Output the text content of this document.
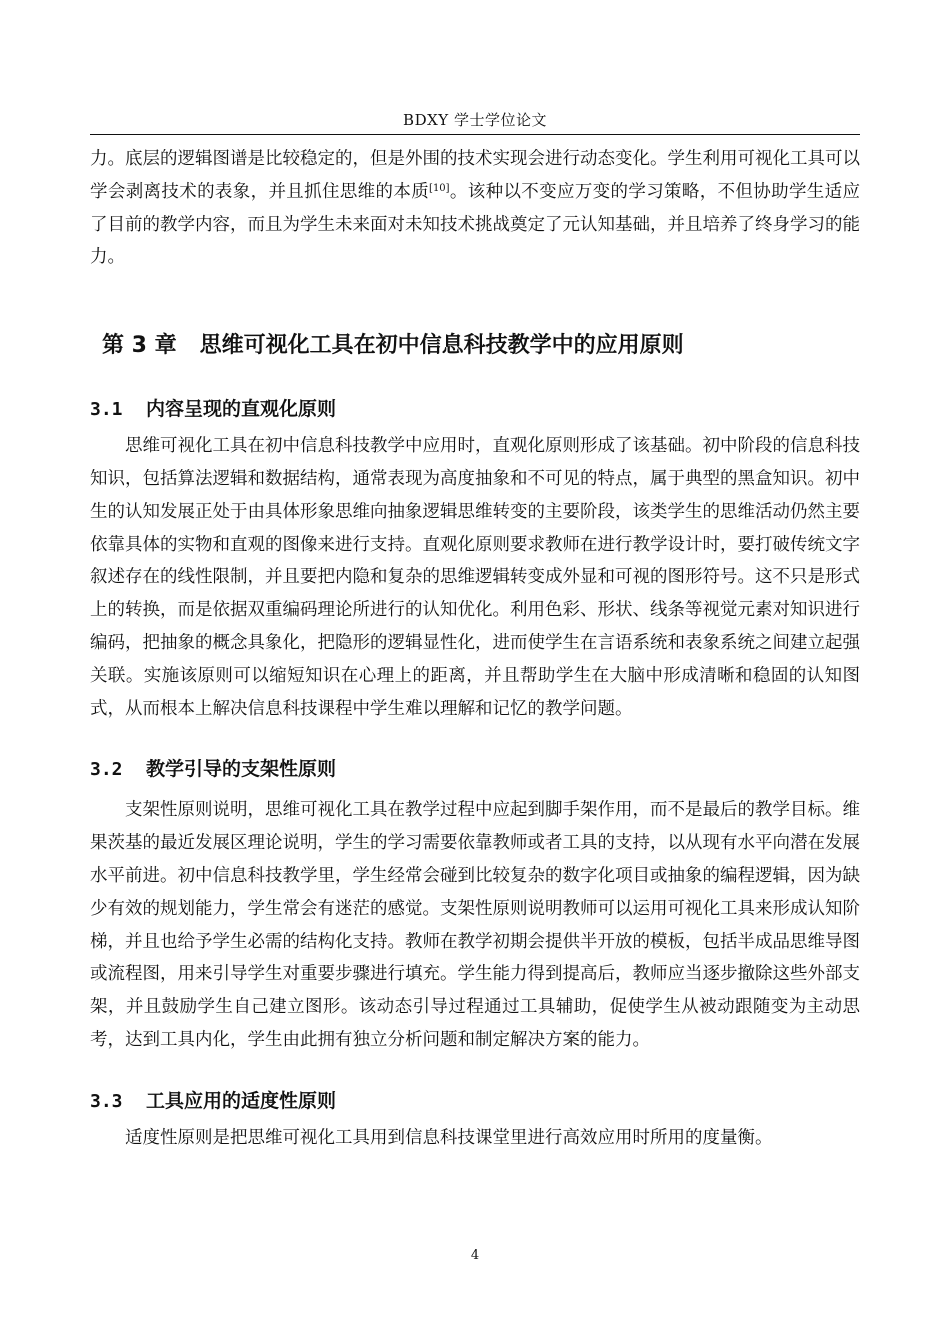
BDXY 学士学位论文

力。底层的逻辑图谱是比较稳定的，但是外围的技术实现会进行动态变化。学生利用可视化工具可以学会剥离技术的表象，并且抓住思维的本质[10]。该种以不变应万变的学习策略，不但协助学生适应了目前的教学内容，而且为学生未来面对未知技术挑战奠定了元认知基础，并且培养了终身学习的能力。

第 3 章 思维可视化工具在初中信息科技教学中的应用原则
3.1 内容呈现的直观化原则

思维可视化工具在初中信息科技教学中应用时，直观化原则形成了该基础。初中阶段的信息科技知识，包括算法逻辑和数据结构，通常表现为高度抽象和不可见的特点，属于典型的黑盒知识。初中生的认知发展正处于由具体形象思维向抽象逻辑思维转变的主要阶段，该类学生的思维活动仍然主要依靠具体的实物和直观的图像来进行支持。直观化原则要求教师在进行教学设计时，要打破传统文字叙述存在的线性限制，并且要把内隐和复杂的思维逻辑转变成外显和可视的图形符号。这不只是形式上的转换，而是依据双重编码理论所进行的认知优化。利用色彩、形状、线条等视觉元素对知识进行编码，把抽象的概念具象化，把隐形的逻辑显性化，进而使学生在言语系统和表象系统之间建立起强关联。实施该原则可以缩短知识在心理上的距离，并且帮助学生在大脑中形成清晰和稳固的认知图式，从而根本上解决信息科技课程中学生难以理解和记忆的教学问题。

3.2 教学引导的支架性原则

支架性原则说明，思维可视化工具在教学过程中应起到脚手架作用，而不是最后的教学目标。维果茨基的最近发展区理论说明，学生的学习需要依靠教师或者工具的支持，以从现有水平向潜在发展水平前进。初中信息科技教学里，学生经常会碰到比较复杂的数字化项目或抽象的编程逻辑，因为缺少有效的规划能力，学生常会有迷茫的感觉。支架性原则说明教师可以运用可视化工具来形成认知阶梯，并且也给予学生必需的结构化支持。教师在教学初期会提供半开放的模板，包括半成品思维导图或流程图，用来引导学生对重要步骤进行填充。学生能力得到提高后，教师应当逐步撤除这些外部支架，并且鼓励学生自己建立图形。该动态引导过程通过工具辅助，促使学生从被动跟随变为主动思考，达到工具内化，学生由此拥有独立分析问题和制定解决方案的能力。

3.3 工具应用的适度性原则

适度性原则是把思维可视化工具用到信息科技课堂里进行高效应用时所用的度量衡。

4
